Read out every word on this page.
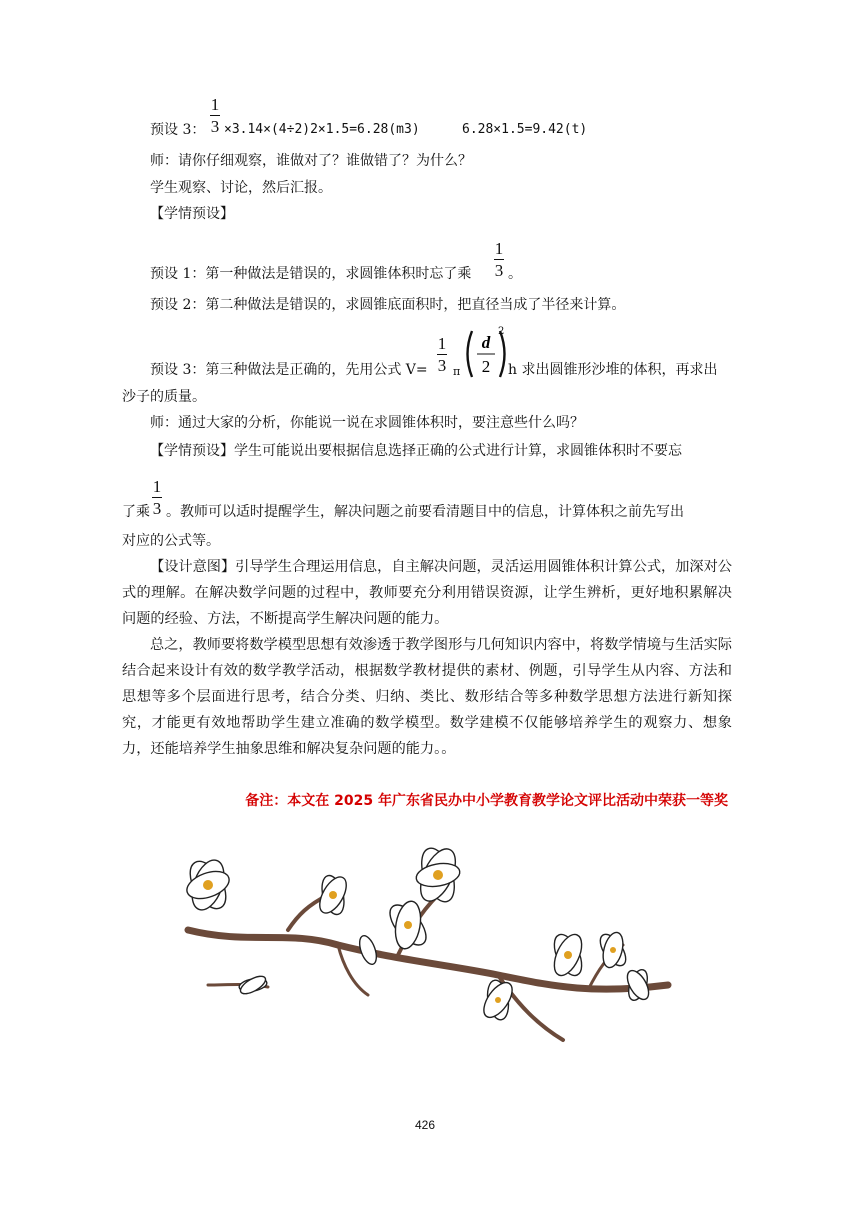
预设 3：
1
3 ×3.14×(4÷2)2×1.5=6.28(m3)	6.28×1.5=9.42(t)
师：请你仔细观察，谁做对了？谁做错了？为什么？
学生观察、讨论，然后汇报。
【学情预设】
预设 1：第一种做法是错误的，求圆锥体积时忘了乘
1
3 。
预设 2：第二种做法是错误的，求圆锥底面积时，把直径当成了半径来计算。
预设 3：第三种做法是正确的，先用公式 V=
1
3 π
d
2
2
h 求出圆锥形沙堆的体积，再求出
沙子的质量。
师：通过大家的分析，你能说一说在求圆锥体积时，要注意些什么吗？
【学情预设】学生可能说出要根据信息选择正确的公式进行计算，求圆锥体积时不要忘
了乘
1
3 。教师可以适时提醒学生，解决问题之前要看清题目中的信息，计算体积之前先写出
对应的公式等。
【设计意图】引导学生合理运用信息，自主解决问题，灵活运用圆锥体积计算公式，加深对公式的理解。在解决数学问题的过程中，教师要充分利用错误资源，让学生辨析，更好地积累解决问题的经验、方法，不断提高学生解决问题的能力。
总之，教师要将数学模型思想有效渗透于教学图形与几何知识内容中，将数学情境与生活实际结合起来设计有效的数学教学活动，根据数学教材提供的素材、例题，引导学生从内容、方法和思想等多个层面进行思考，结合分类、归纳、类比、数形结合等多种数学思想方法进行新知探究，才能更有效地帮助学生建立准确的数学模型。数学建模不仅能够培养学生的观察力、想象力，还能培养学生抽象思维和解决复杂问题的能力。。
备注：本文在 2025 年广东省民办中小学教育教学论文评比活动中荣获一等奖
426
